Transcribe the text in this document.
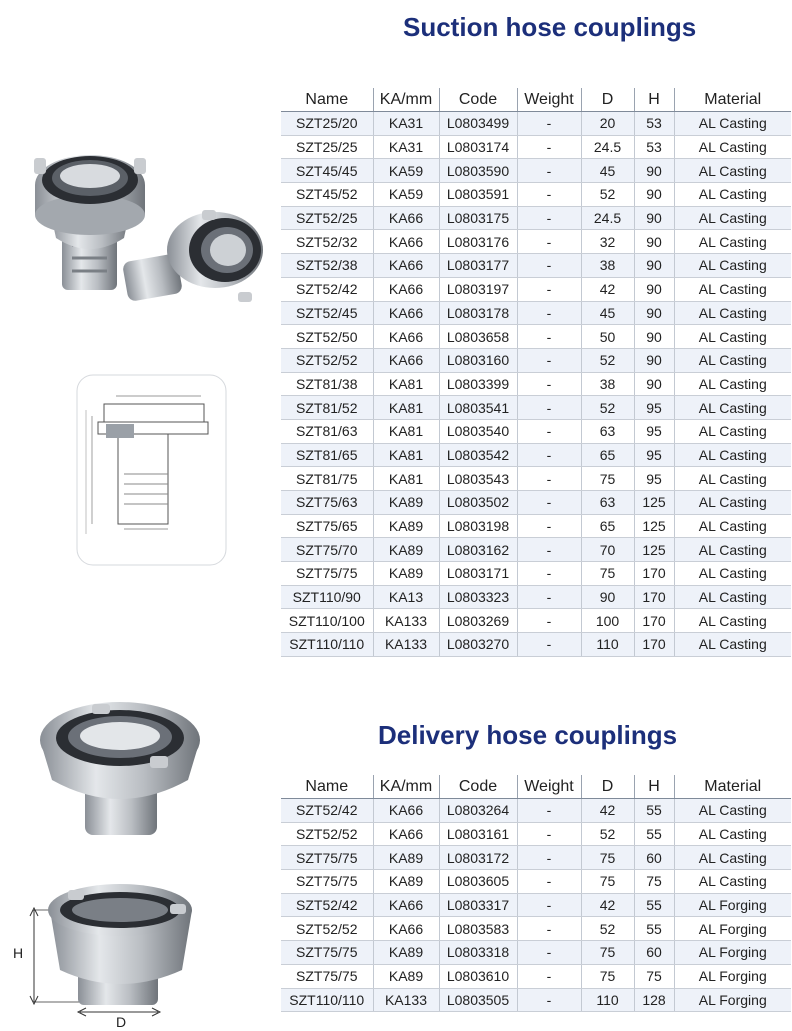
Suction hose couplings
Name	KA/mm	Code	Weight	D	H	Material
SZT25/20	KA31	L0803499	-	20	53	AL Casting
SZT25/25	KA31	L0803174	-	24.5	53	AL Casting
SZT45/45	KA59	L0803590	-	45	90	AL Casting
SZT45/52	KA59	L0803591	-	52	90	AL Casting
SZT52/25	KA66	L0803175	-	24.5	90	AL Casting
SZT52/32	KA66	L0803176	-	32	90	AL Casting
SZT52/38	KA66	L0803177	-	38	90	AL Casting
SZT52/42	KA66	L0803197	-	42	90	AL Casting
SZT52/45	KA66	L0803178	-	45	90	AL Casting
SZT52/50	KA66	L0803658	-	50	90	AL Casting
SZT52/52	KA66	L0803160	-	52	90	AL Casting
SZT81/38	KA81	L0803399	-	38	90	AL Casting
SZT81/52	KA81	L0803541	-	52	95	AL Casting
SZT81/63	KA81	L0803540	-	63	95	AL Casting
SZT81/65	KA81	L0803542	-	65	95	AL Casting
SZT81/75	KA81	L0803543	-	75	95	AL Casting
SZT75/63	KA89	L0803502	-	63	125	AL Casting
SZT75/65	KA89	L0803198	-	65	125	AL Casting
SZT75/70	KA89	L0803162	-	70	125	AL Casting
SZT75/75	KA89	L0803171	-	75	170	AL Casting
SZT110/90	KA13	L0803323	-	90	170	AL Casting
SZT110/100	KA133	L0803269	-	100	170	AL Casting
SZT110/110	KA133	L0803270	-	110	170	AL Casting
Delivery hose couplings
H
D
Name	KA/mm	Code	Weight	D	H	Material
SZT52/42	KA66	L0803264	-	42	55	AL Casting
SZT52/52	KA66	L0803161	-	52	55	AL Casting
SZT75/75	KA89	L0803172	-	75	60	AL Casting
SZT75/75	KA89	L0803605	-	75	75	AL Casting
SZT52/42	KA66	L0803317	-	42	55	AL Forging
SZT52/52	KA66	L0803583	-	52	55	AL Forging
SZT75/75	KA89	L0803318	-	75	60	AL Forging
SZT75/75	KA89	L0803610	-	75	75	AL Forging
SZT110/110	KA133	L0803505	-	110	128	AL Forging
